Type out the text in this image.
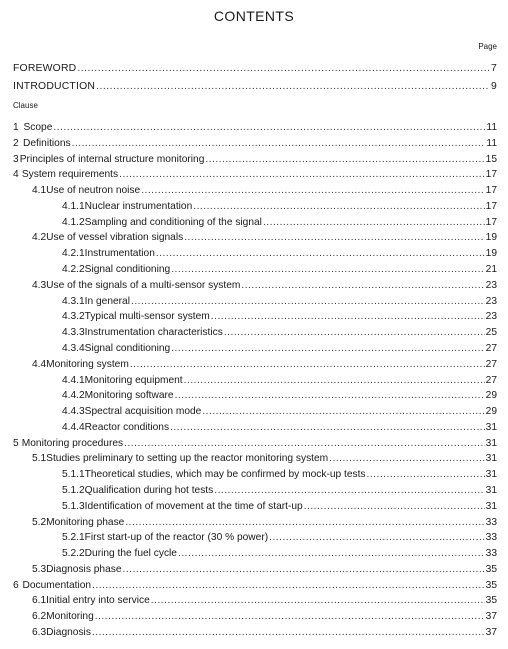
CONTENTS
Page
FOREWORD .....	7
INTRODUCTION .....	9
Clause
1 Scope .....	11
2 Definitions .....	11
3 Principles of internal structure monitoring .....	15
4 System requirements .....	17
4.1 Use of neutron noise .....	17
4.1.1 Nuclear instrumentation .....	17
4.1.2 Sampling and conditioning of the signal .....	17
4.2 Use of vessel vibration signals .....	19
4.2.1 Instrumentation .....	19
4.2.2 Signal conditioning .....	21
4.3 Use of the signals of a multi-sensor system .....	23
4.3.1 In general .....	23
4.3.2 Typical multi-sensor system .....	23
4.3.3 Instrumentation characteristics .....	25
4.3.4 Signal conditioning .....	27
4.4 Monitoring system .....	27
4.4.1 Monitoring equipment .....	27
4.4.2 Monitoring software .....	29
4.4.3 Spectral acquisition mode .....	29
4.4.4 Reactor conditions .....	31
5 Monitoring procedures .....	31
5.1 Studies preliminary to setting up the reactor monitoring system .....	31
5.1.1 Theoretical studies, which may be confirmed by mock-up tests .....	31
5.1.2 Qualification during hot tests .....	31
5.1.3 Identification of movement at the time of start-up .....	31
5.2 Monitoring phase .....	33
5.2.1 First start-up of the reactor (30 % power) .....	33
5.2.2 During the fuel cycle .....	33
5.3 Diagnosis phase .....	35
6 Documentation .....	35
6.1 Initial entry into service .....	35
6.2 Monitoring .....	37
6.3 Diagnosis .....	37
